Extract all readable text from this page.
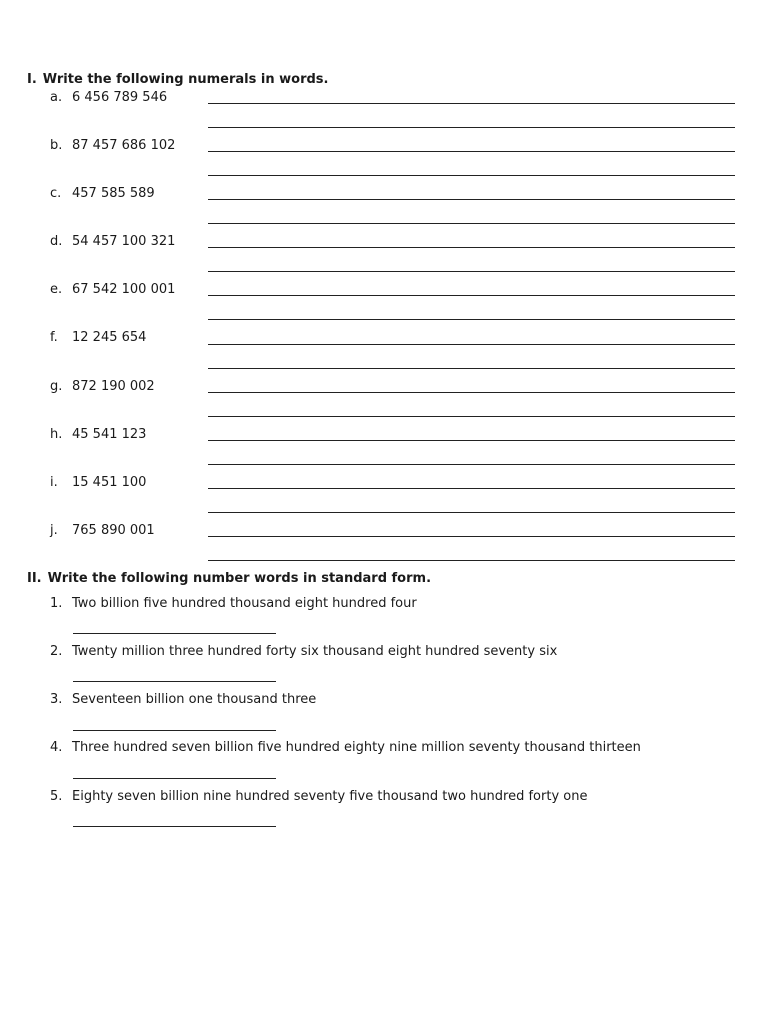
I. Write the following numerals in words.
a. 6 456 789 546
b. 87 457 686 102
c. 457 585 589
d. 54 457 100 321
e. 67 542 100 001
f. 12 245 654
g. 872 190 002
h. 45 541 123
i. 15 451 100
j. 765 890 001
II. Write the following number words in standard form.
1. Two billion five hundred thousand eight hundred four
2. Twenty million three hundred forty six thousand eight hundred seventy six
3. Seventeen billion one thousand three
4. Three hundred seven billion five hundred eighty nine million seventy thousand thirteen
5. Eighty seven billion nine hundred seventy five thousand two hundred forty one
